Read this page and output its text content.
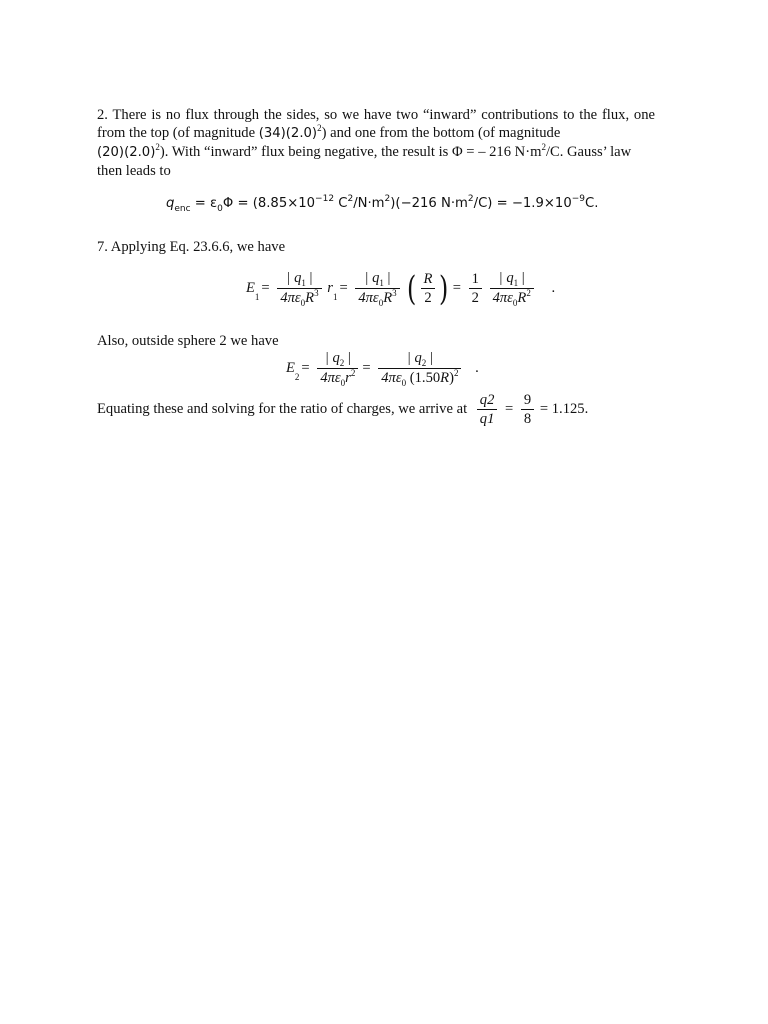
2. There is no flux through the sides, so we have two “inward” contributions to the flux, one from the top (of magnitude $(34)(2.0)^2$) and one from the bottom (of magnitude
$(20)(2.0)^2$). With “inward” flux being negative, the result is Φ = – 216 $N\cdot m^2/C$. Gauss’ law then leads to
$q_{enc} = \varepsilon_0\Phi = (8.85\times 10^{-12}$ $C^2/N\cdot m^2)(-216$ $N\cdot m^2/C) = -1.9\times 10^{-9}C$.
7. Applying Eq. 23.6.6, we have
$E_1= \frac{| q_1 |}{4\pi\varepsilon_0R^3} r_1= \frac{| q_1 |}{4\pi\varepsilon_0R^3}$ ( $\frac{R}{2}$ ) = $\frac{1}{2}$
$\frac{| q_1 |}{4\pi\varepsilon_0R^2}$ .
Also, outside sphere 2 we have
$E_2= \frac{| q_2 |}{4\pi\varepsilon_0r^2} = \frac{| q_2 |}{4\pi\varepsilon_0 (1.50R)^2}$ .
Equating these and solving for the ratio of charges, we arrive at $\frac{q2}{q1} = \frac{9}{8} = 1.125$.
